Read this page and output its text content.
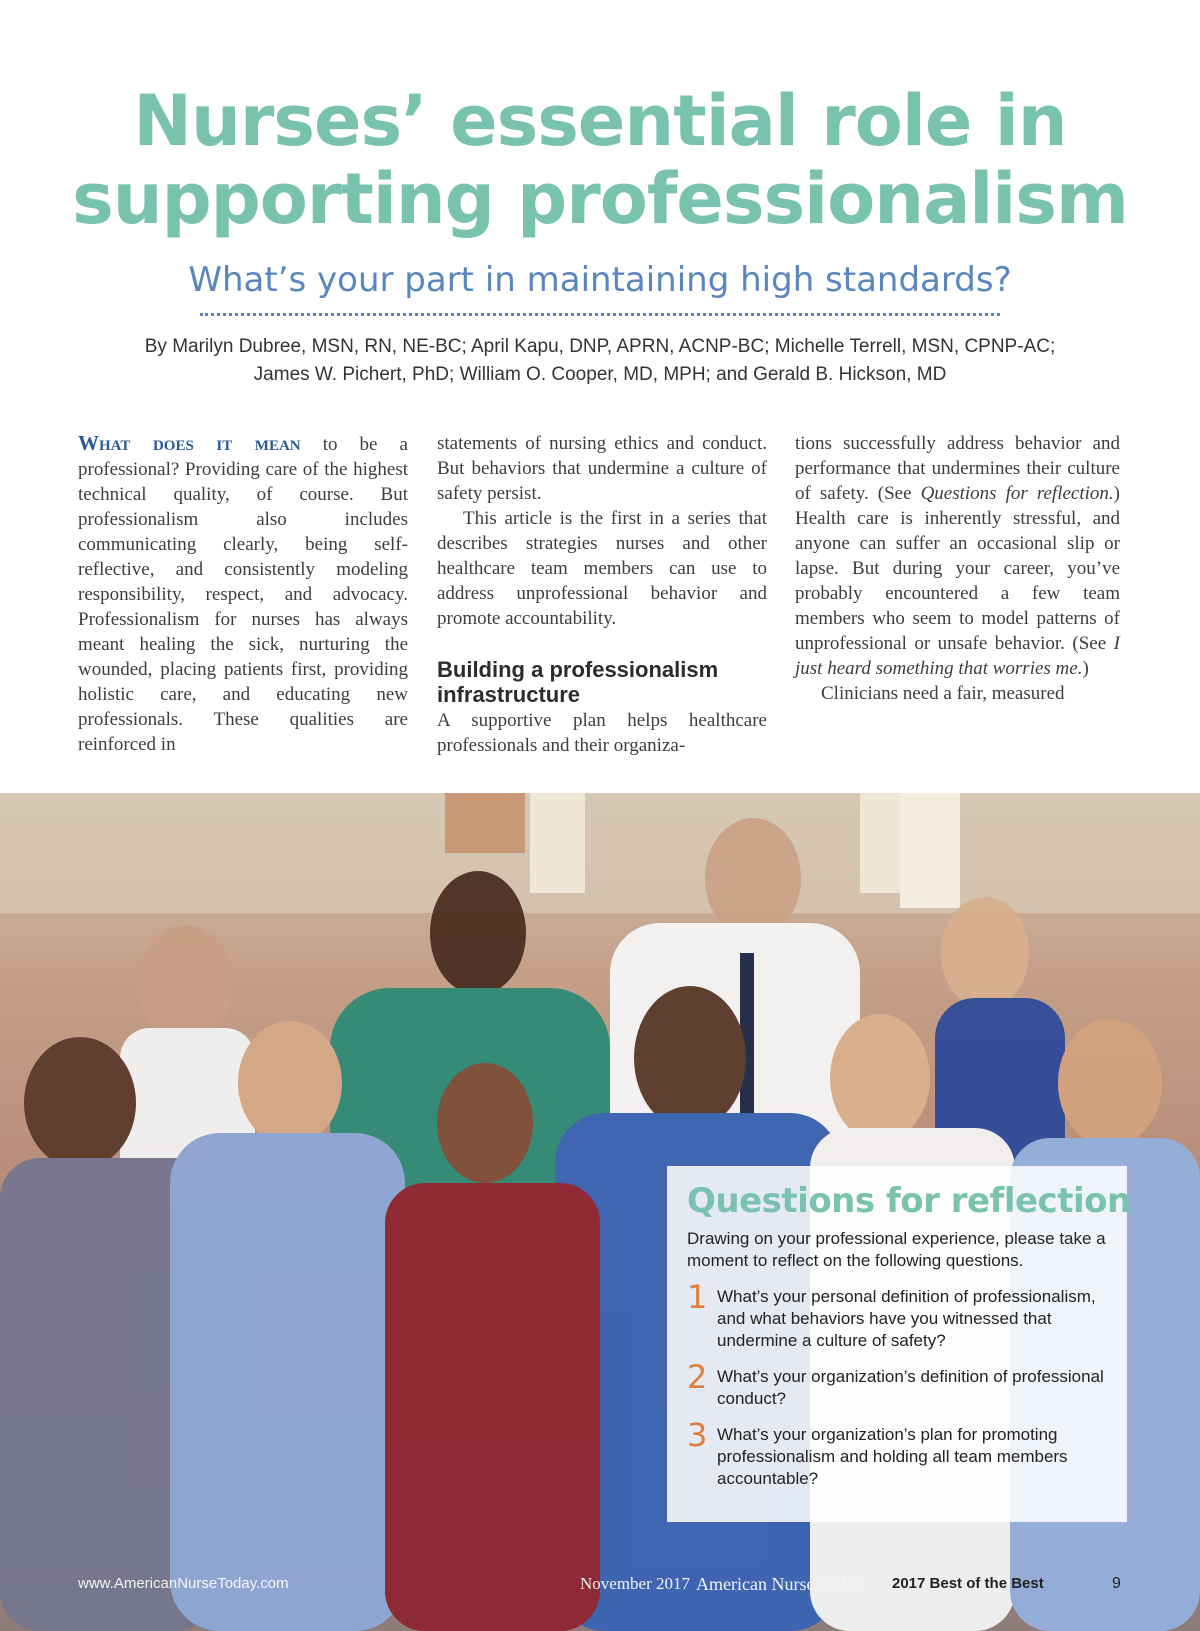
Nurses’ essential role in
supporting professionalism
What’s your part in maintaining high standards?
By Marilyn Dubree, MSN, RN, NE-BC; April Kapu, DNP, APRN, ACNP-BC; Michelle Terrell, MSN, CPNP-AC;
James W. Pichert, PhD; William O. Cooper, MD, MPH; and Gerald B. Hickson, MD

What does it mean to be a professional? Providing care of the highest technical quality, of course. But professionalism also includes communicating clearly, being self-reflective, and consistently modeling responsibility, respect, and advocacy. Professionalism for nurses has always meant healing the sick, nurturing the wounded, placing patients first, providing holistic care, and educating new professionals. These qualities are reinforced in

statements of nursing ethics and conduct. But behaviors that undermine a culture of safety persist.

This article is the first in a series that describes strategies nurses and other healthcare team members can use to address unprofessional behavior and promote accountability.

Building a professionalism infrastructure

A supportive plan helps healthcare professionals and their organiza-

tions successfully address behavior and performance that undermines their culture of safety. (See Questions for reflection.) Health care is inherently stressful, and anyone can suffer an occasional slip or lapse. But during your career, you’ve probably encountered a few team members who seem to model patterns of unprofessional or unsafe behavior. (See I just heard something that worries me.)

Clinicians need a fair, measured

Questions for reflection
Drawing on your professional experience, please take a moment to reflect on the following questions.
1 What’s your personal definition of professionalism, and what behaviors have you witnessed that undermine a culture of safety?
2 What’s your organization’s definition of professional conduct?
3 What’s your organization’s plan for promoting professionalism and holding all team members accountable?
www.AmericanNurseToday.com	November 2017 American Nurse Today 2017 Best of the Best	9
